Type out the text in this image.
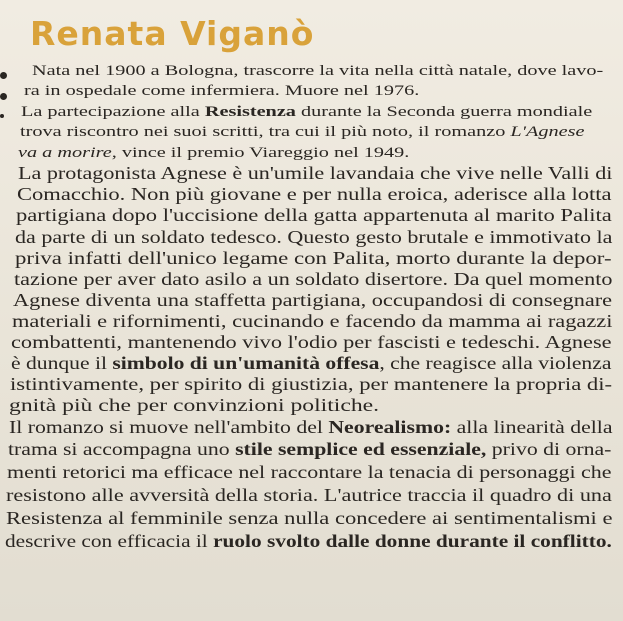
Renata Viganò
Nata nel 1900 a Bologna, trascorre la vita nella città natale, dove lavo-
ra in ospedale come infermiera. Muore nel 1976.
La partecipazione alla Resistenza durante la Seconda guerra mondiale
trova riscontro nei suoi scritti, tra cui il più noto, il romanzo L'Agnese
va a morire, vince il premio Viareggio nel 1949.
La protagonista Agnese è un'umile lavandaia che vive nelle Valli di
Comacchio. Non più giovane e per nulla eroica, aderisce alla lotta
partigiana dopo l'uccisione della gatta appartenuta al marito Palita
da parte di un soldato tedesco. Questo gesto brutale e immotivato la
priva infatti dell'unico legame con Palita, morto durante la depor-
tazione per aver dato asilo a un soldato disertore. Da quel momento
Agnese diventa una staffetta partigiana, occupandosi di consegnare
materiali e rifornimenti, cucinando e facendo da mamma ai ragazzi
combattenti, mantenendo vivo l'odio per fascisti e tedeschi. Agnese
è dunque il simbolo di un'umanità offesa, che reagisce alla violenza
istintivamente, per spirito di giustizia, per mantenere la propria di-
gnità più che per convinzioni politiche.
Il romanzo si muove nell'ambito del Neorealismo: alla linearità della
trama si accompagna uno stile semplice ed essenziale, privo di orna-
menti retorici ma efficace nel raccontare la tenacia di personaggi che
resistono alle avversità della storia. L'autrice traccia il quadro di una
Resistenza al femminile senza nulla concedere ai sentimentalismi e
descrive con efficacia il ruolo svolto dalle donne durante il conflitto.
